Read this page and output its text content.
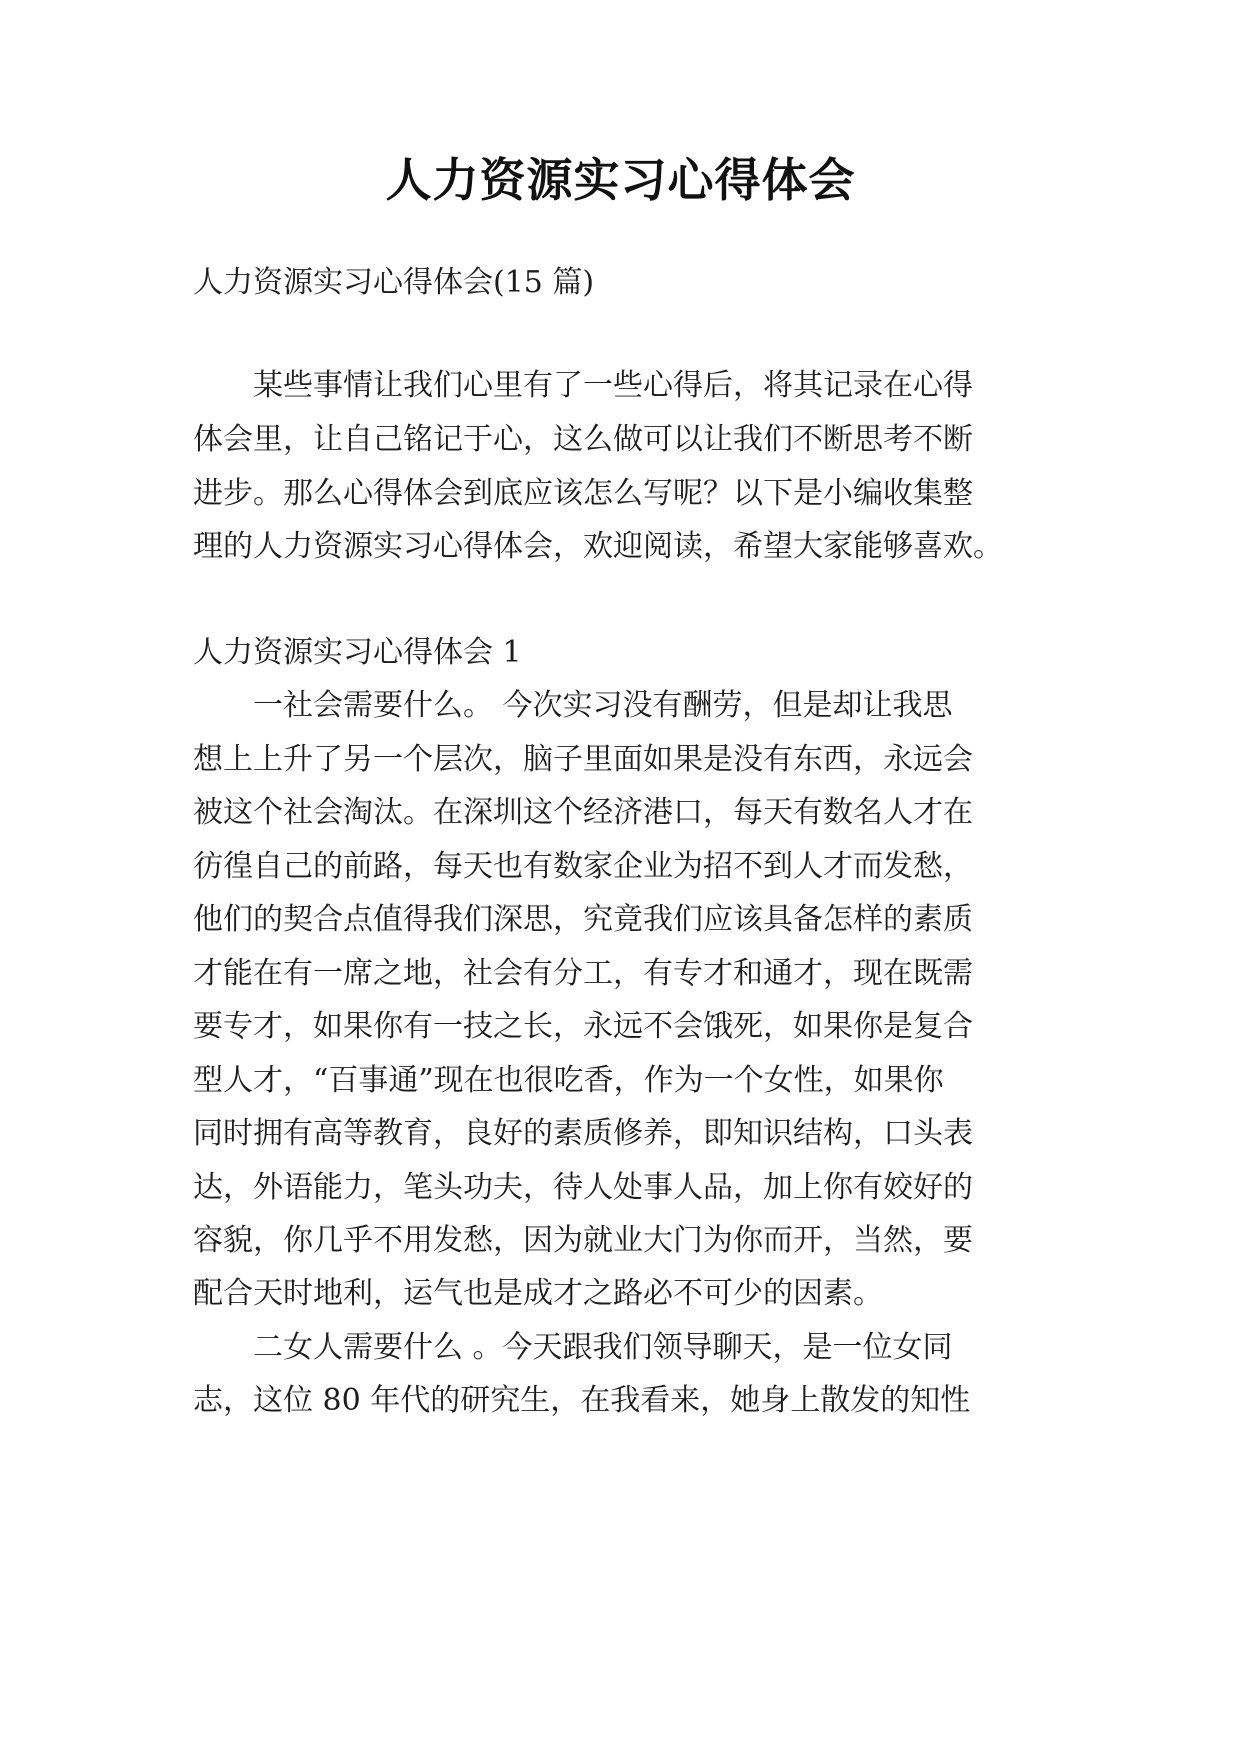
人力资源实习心得体会
人力资源实习心得体会(15 篇)
某些事情让我们心里有了一些心得后，将其记录在心得
体会里，让自己铭记于心，这么做可以让我们不断思考不断
进步。那么心得体会到底应该怎么写呢？以下是小编收集整
理的人力资源实习心得体会，欢迎阅读，希望大家能够喜欢。
人力资源实习心得体会 1
一社会需要什么。 今次实习没有酬劳，但是却让我思
想上上升了另一个层次，脑子里面如果是没有东西，永远会
被这个社会淘汰。在深圳这个经济港口，每天有数名人才在
彷徨自己的前路，每天也有数家企业为招不到人才而发愁，
他们的契合点值得我们深思，究竟我们应该具备怎样的素质
才能在有一席之地，社会有分工，有专才和通才，现在既需
要专才，如果你有一技之长，永远不会饿死，如果你是复合
型人才，“百事通”现在也很吃香，作为一个女性，如果你
同时拥有高等教育，良好的素质修养，即知识结构，口头表
达，外语能力，笔头功夫，待人处事人品，加上你有姣好的
容貌，你几乎不用发愁，因为就业大门为你而开，当然，要
配合天时地利，运气也是成才之路必不可少的因素。
二女人需要什么 。今天跟我们领导聊天，是一位女同
志，这位 80 年代的研究生，在我看来，她身上散发的知性
